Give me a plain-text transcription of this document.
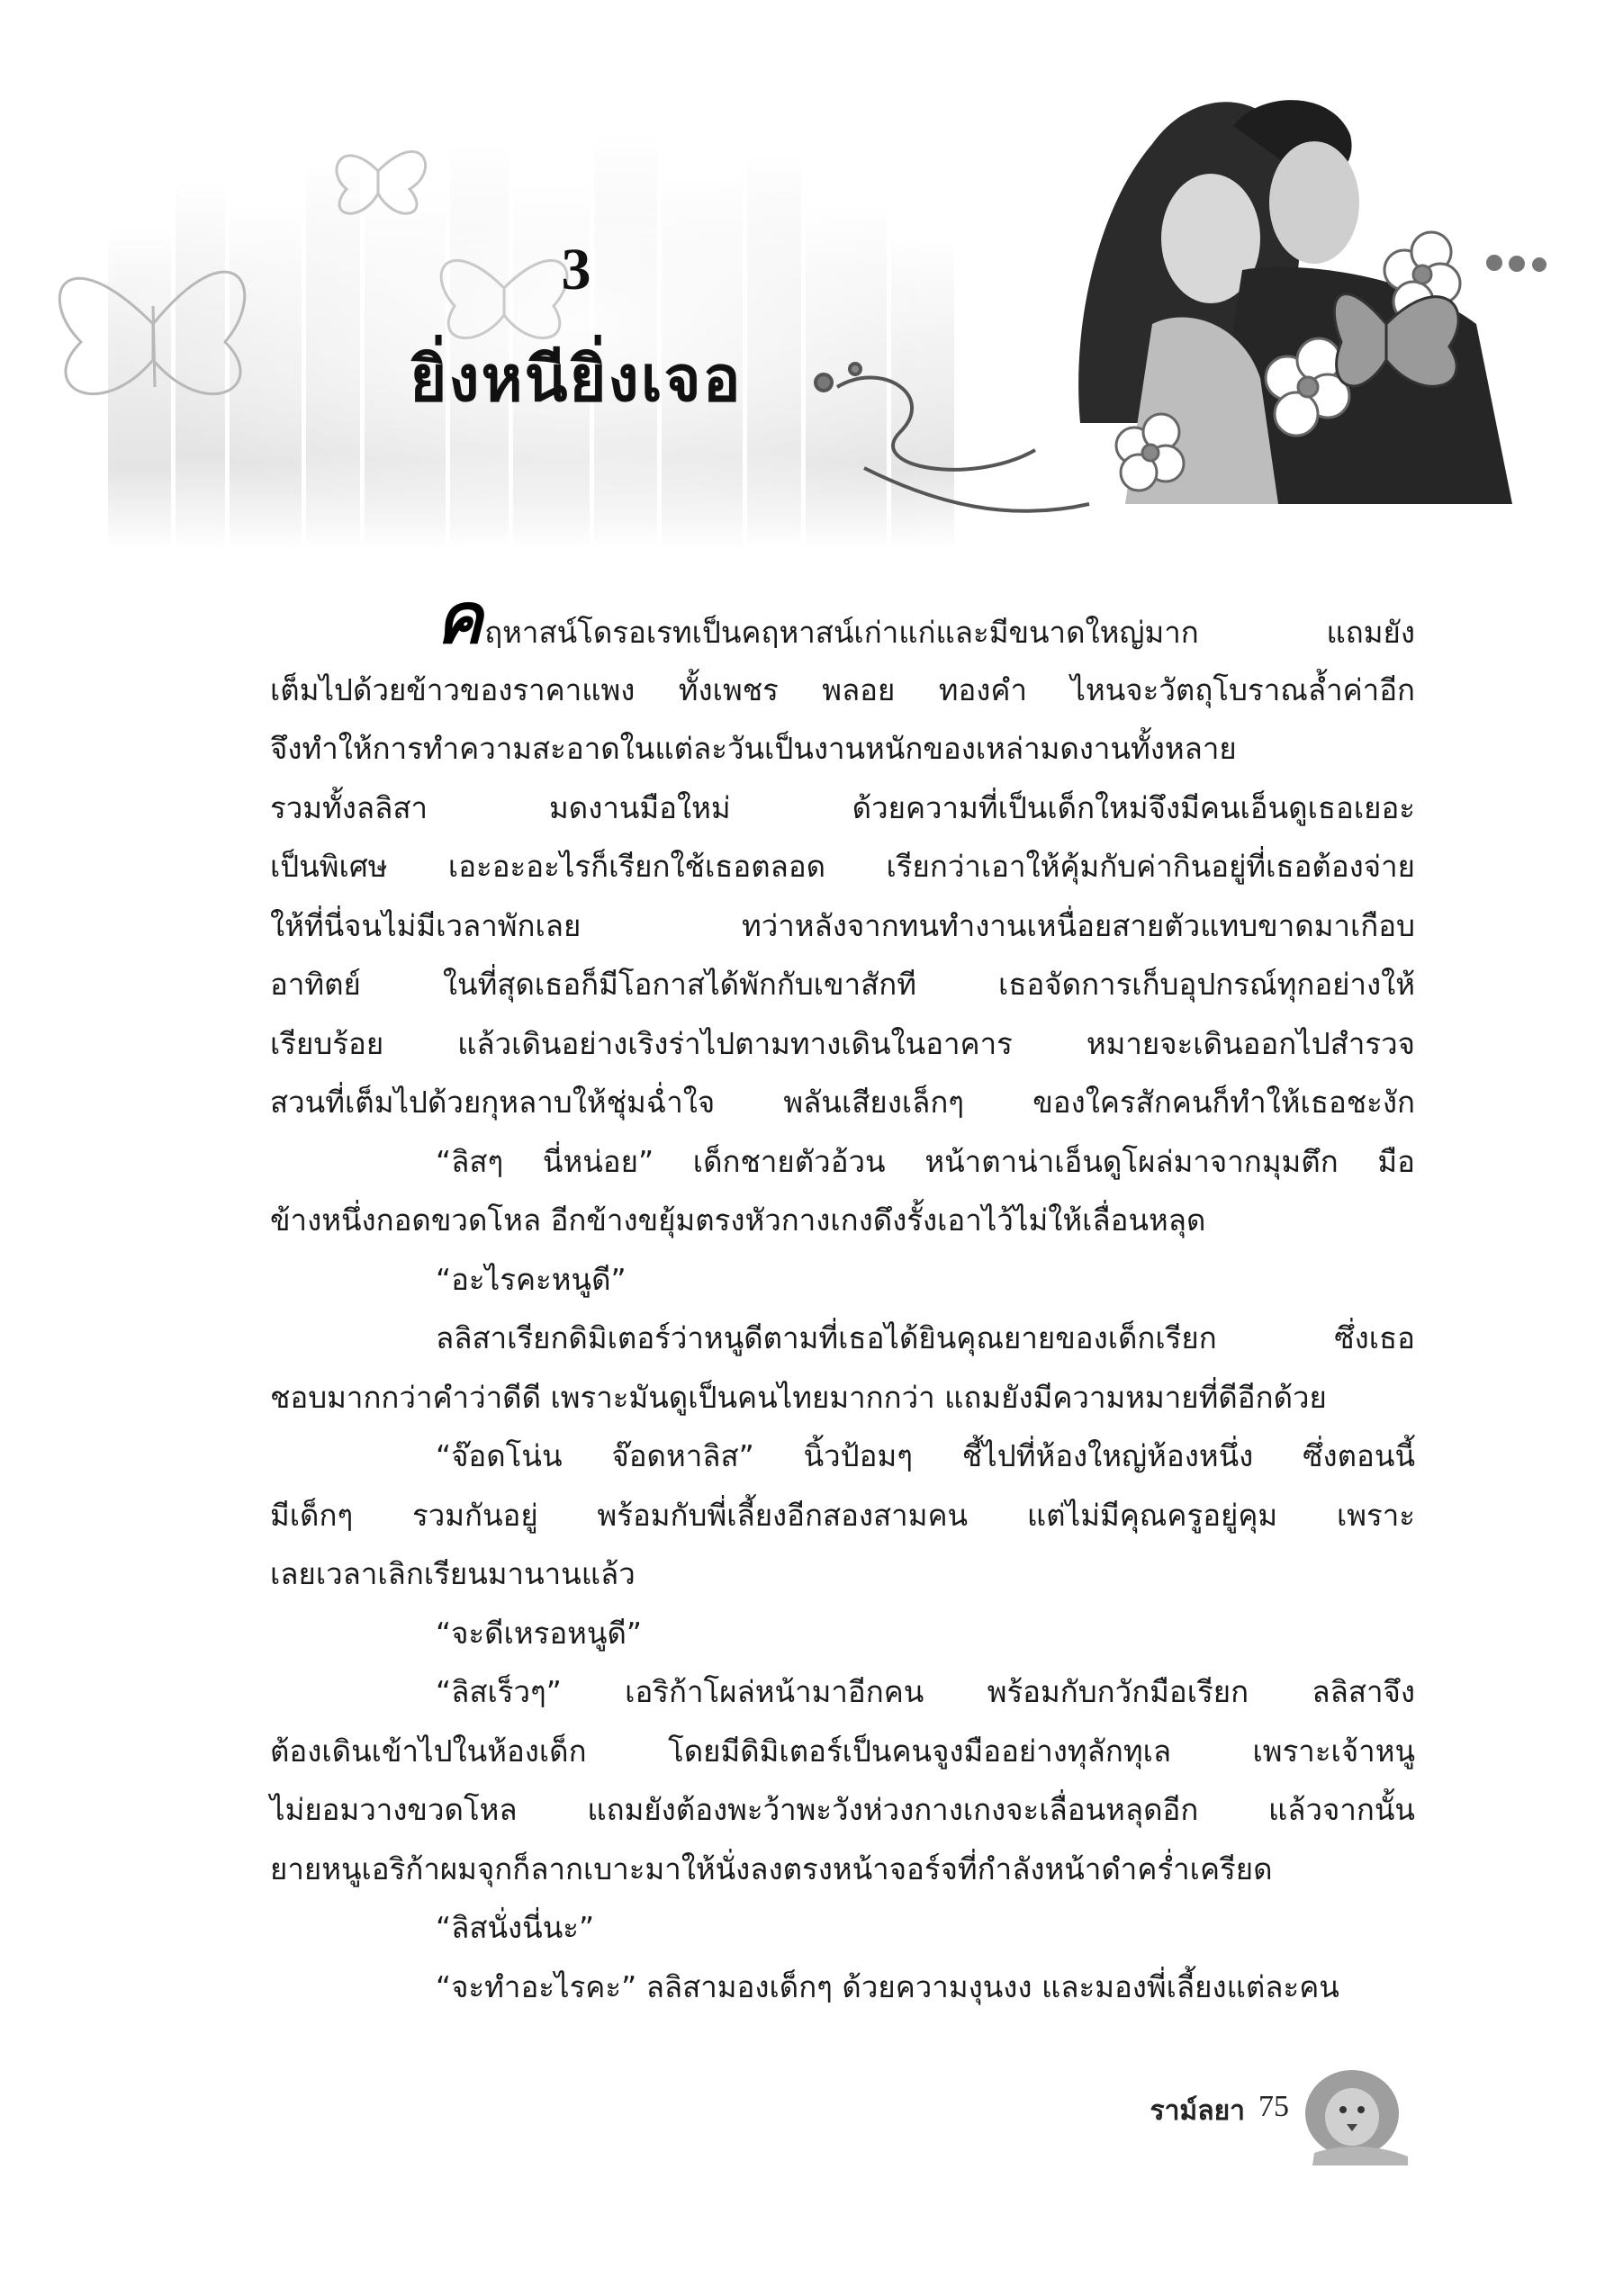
3
ยิ่งหนียิ่งเจอ
คฤหาสน์โดรอเรทเป็นคฤหาสน์เก่าแก่และมีขนาดใหญ่มาก แถมยัง
เต็มไปด้วยข้าวของราคาแพง ทั้งเพชร พลอย ทองคำ ไหนจะวัตถุโบราณล้ำค่าอีก
จึงทำให้การทำความสะอาดในแต่ละวันเป็นงานหนักของเหล่ามดงานทั้งหลาย
รวมทั้งลลิสา มดงานมือใหม่ ด้วยความที่เป็นเด็กใหม่จึงมีคนเอ็นดูเธอเยอะ
เป็นพิเศษ เอะอะอะไรก็เรียกใช้เธอตลอด เรียกว่าเอาให้คุ้มกับค่ากินอยู่ที่เธอต้องจ่าย
ให้ที่นี่จนไม่มีเวลาพักเลย ทว่าหลังจากทนทำงานเหนื่อยสายตัวแทบขาดมาเกือบ
อาทิตย์ ในที่สุดเธอก็มีโอกาสได้พักกับเขาสักที เธอจัดการเก็บอุปกรณ์ทุกอย่างให้
เรียบร้อย แล้วเดินอย่างเริงร่าไปตามทางเดินในอาคาร หมายจะเดินออกไปสำรวจ
สวนที่เต็มไปด้วยกุหลาบให้ชุ่มฉ่ำใจ พลันเสียงเล็กๆ ของใครสักคนก็ทำให้เธอชะงัก
“ลิสๆ นี่หน่อย” เด็กชายตัวอ้วน หน้าตาน่าเอ็นดูโผล่มาจากมุมตึก มือ
ข้างหนึ่งกอดขวดโหล อีกข้างขยุ้มตรงหัวกางเกงดึงรั้งเอาไว้ไม่ให้เลื่อนหลุด
“อะไรคะหนูดี”
ลลิสาเรียกดิมิเตอร์ว่าหนูดีตามที่เธอได้ยินคุณยายของเด็กเรียก ซึ่งเธอ
ชอบมากกว่าคำว่าดีดี เพราะมันดูเป็นคนไทยมากกว่า แถมยังมีความหมายที่ดีอีกด้วย
“จ๊อดโน่น จ๊อดหาลิส” นิ้วป้อมๆ ชี้ไปที่ห้องใหญ่ห้องหนึ่ง ซึ่งตอนนี้
มีเด็กๆ รวมกันอยู่ พร้อมกับพี่เลี้ยงอีกสองสามคน แต่ไม่มีคุณครูอยู่คุม เพราะ
เลยเวลาเลิกเรียนมานานแล้ว
“จะดีเหรอหนูดี”
“ลิสเร็วๆ” เอริก้าโผล่หน้ามาอีกคน พร้อมกับกวักมือเรียก ลลิสาจึง
ต้องเดินเข้าไปในห้องเด็ก โดยมีดิมิเตอร์เป็นคนจูงมืออย่างทุลักทุเล เพราะเจ้าหนู
ไม่ยอมวางขวดโหล แถมยังต้องพะว้าพะวังห่วงกางเกงจะเลื่อนหลุดอีก แล้วจากนั้น
ยายหนูเอริก้าผมจุกก็ลากเบาะมาให้นั่งลงตรงหน้าจอร์จที่กำลังหน้าดำคร่ำเครียด
“ลิสนั่งนี่นะ”
“จะทำอะไรคะ” ลลิสามองเด็กๆ ด้วยความงุนงง และมองพี่เลี้ยงแต่ละคน
ราม์ลยา 75
